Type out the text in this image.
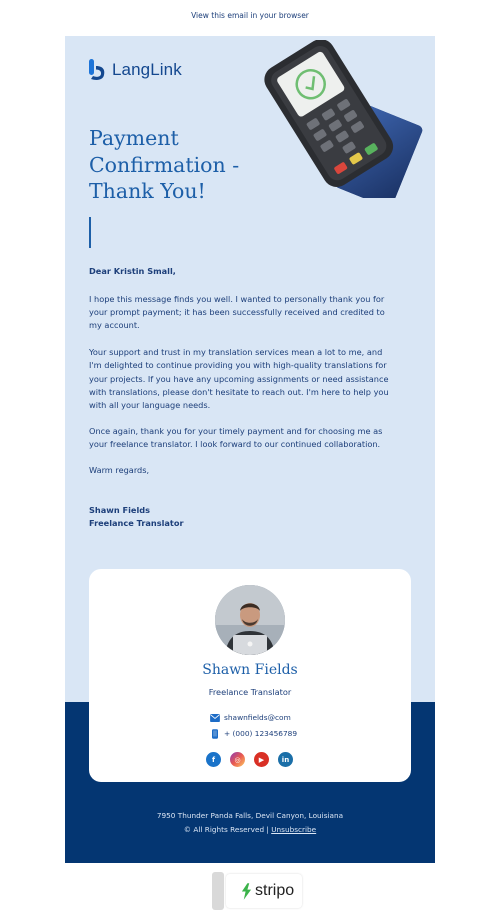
View this email in your browser
LangLink
Payment
Confirmation -
Thank You!

Dear Kristin Small,

I hope this message finds you well. I wanted to personally thank you for
your prompt payment; it has been successfully received and credited to
my account.

Your support and trust in my translation services mean a lot to me, and
I'm delighted to continue providing you with high-quality translations for
your projects. If you have any upcoming assignments or need assistance
with translations, please don't hesitate to reach out. I'm here to help you
with all your language needs.

Once again, thank you for your timely payment and for choosing me as
your freelance translator. I look forward to our continued collaboration.

Warm regards,

Shawn Fields

Freelance Translator

Shawn Fields
Freelance Translator
shawnfields@com
+ (000) 123456789
f	◎	▶	in
7950 Thunder Panda Falls, Devil Canyon, Louisiana
© All Rights Reserved | Unsubscribe
stripo
